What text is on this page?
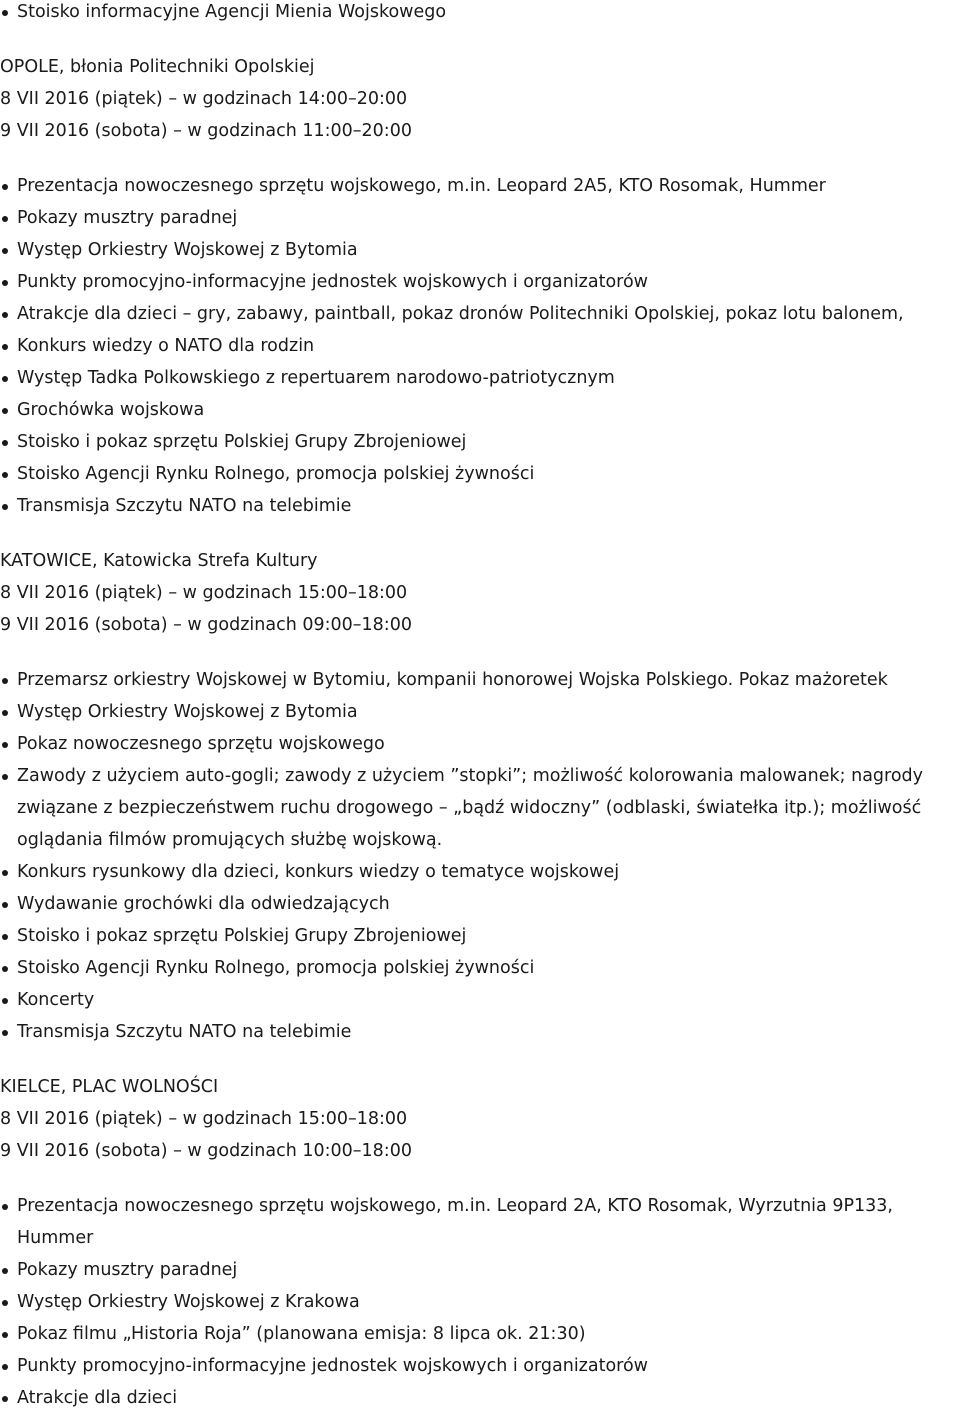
Stoisko informacyjne Agencji Mienia Wojskowego
OPOLE, błonia Politechniki Opolskiej
8 VII 2016 (piątek) – w godzinach 14:00–20:00
9 VII 2016 (sobota) – w godzinach 11:00–20:00
Prezentacja nowoczesnego sprzętu wojskowego, m.in. Leopard 2A5, KTO Rosomak, Hummer
Pokazy musztry paradnej
Występ Orkiestry Wojskowej z Bytomia
Punkty promocyjno-informacyjne jednostek wojskowych i organizatorów
Atrakcje dla dzieci – gry, zabawy, paintball, pokaz dronów Politechniki Opolskiej, pokaz lotu balonem,
Konkurs wiedzy o NATO dla rodzin
Występ Tadka Polkowskiego z repertuarem narodowo-patriotycznym
Grochówka wojskowa
Stoisko i pokaz sprzętu Polskiej Grupy Zbrojeniowej
Stoisko Agencji Rynku Rolnego, promocja polskiej żywności
Transmisja Szczytu NATO na telebimie
KATOWICE, Katowicka Strefa Kultury
8 VII 2016 (piątek) – w godzinach 15:00–18:00
9 VII 2016 (sobota) – w godzinach 09:00–18:00
Przemarsz orkiestry Wojskowej w Bytomiu, kompanii honorowej Wojska Polskiego. Pokaz mażoretek
Występ Orkiestry Wojskowej z Bytomia
Pokaz nowoczesnego sprzętu wojskowego
Zawody z użyciem auto-gogli; zawody z użyciem ”stopki”; możliwość kolorowania malowanek; nagrody związane z bezpieczeństwem ruchu drogowego – „bądź widoczny” (odblaski, światełka itp.); możliwość oglądania filmów promujących służbę wojskową.
Konkurs rysunkowy dla dzieci, konkurs wiedzy o tematyce wojskowej
Wydawanie grochówki dla odwiedzających
Stoisko i pokaz sprzętu Polskiej Grupy Zbrojeniowej
Stoisko Agencji Rynku Rolnego, promocja polskiej żywności
Koncerty
Transmisja Szczytu NATO na telebimie
KIELCE, PLAC WOLNOŚCI
8 VII 2016 (piątek) – w godzinach 15:00–18:00
9 VII 2016 (sobota) – w godzinach 10:00–18:00
Prezentacja nowoczesnego sprzętu wojskowego, m.in. Leopard 2A, KTO Rosomak, Wyrzutnia 9P133, Hummer
Pokazy musztry paradnej
Występ Orkiestry Wojskowej z Krakowa
Pokaz filmu „Historia Roja” (planowana emisja: 8 lipca ok. 21:30)
Punkty promocyjno-informacyjne jednostek wojskowych i organizatorów
Atrakcje dla dzieci
